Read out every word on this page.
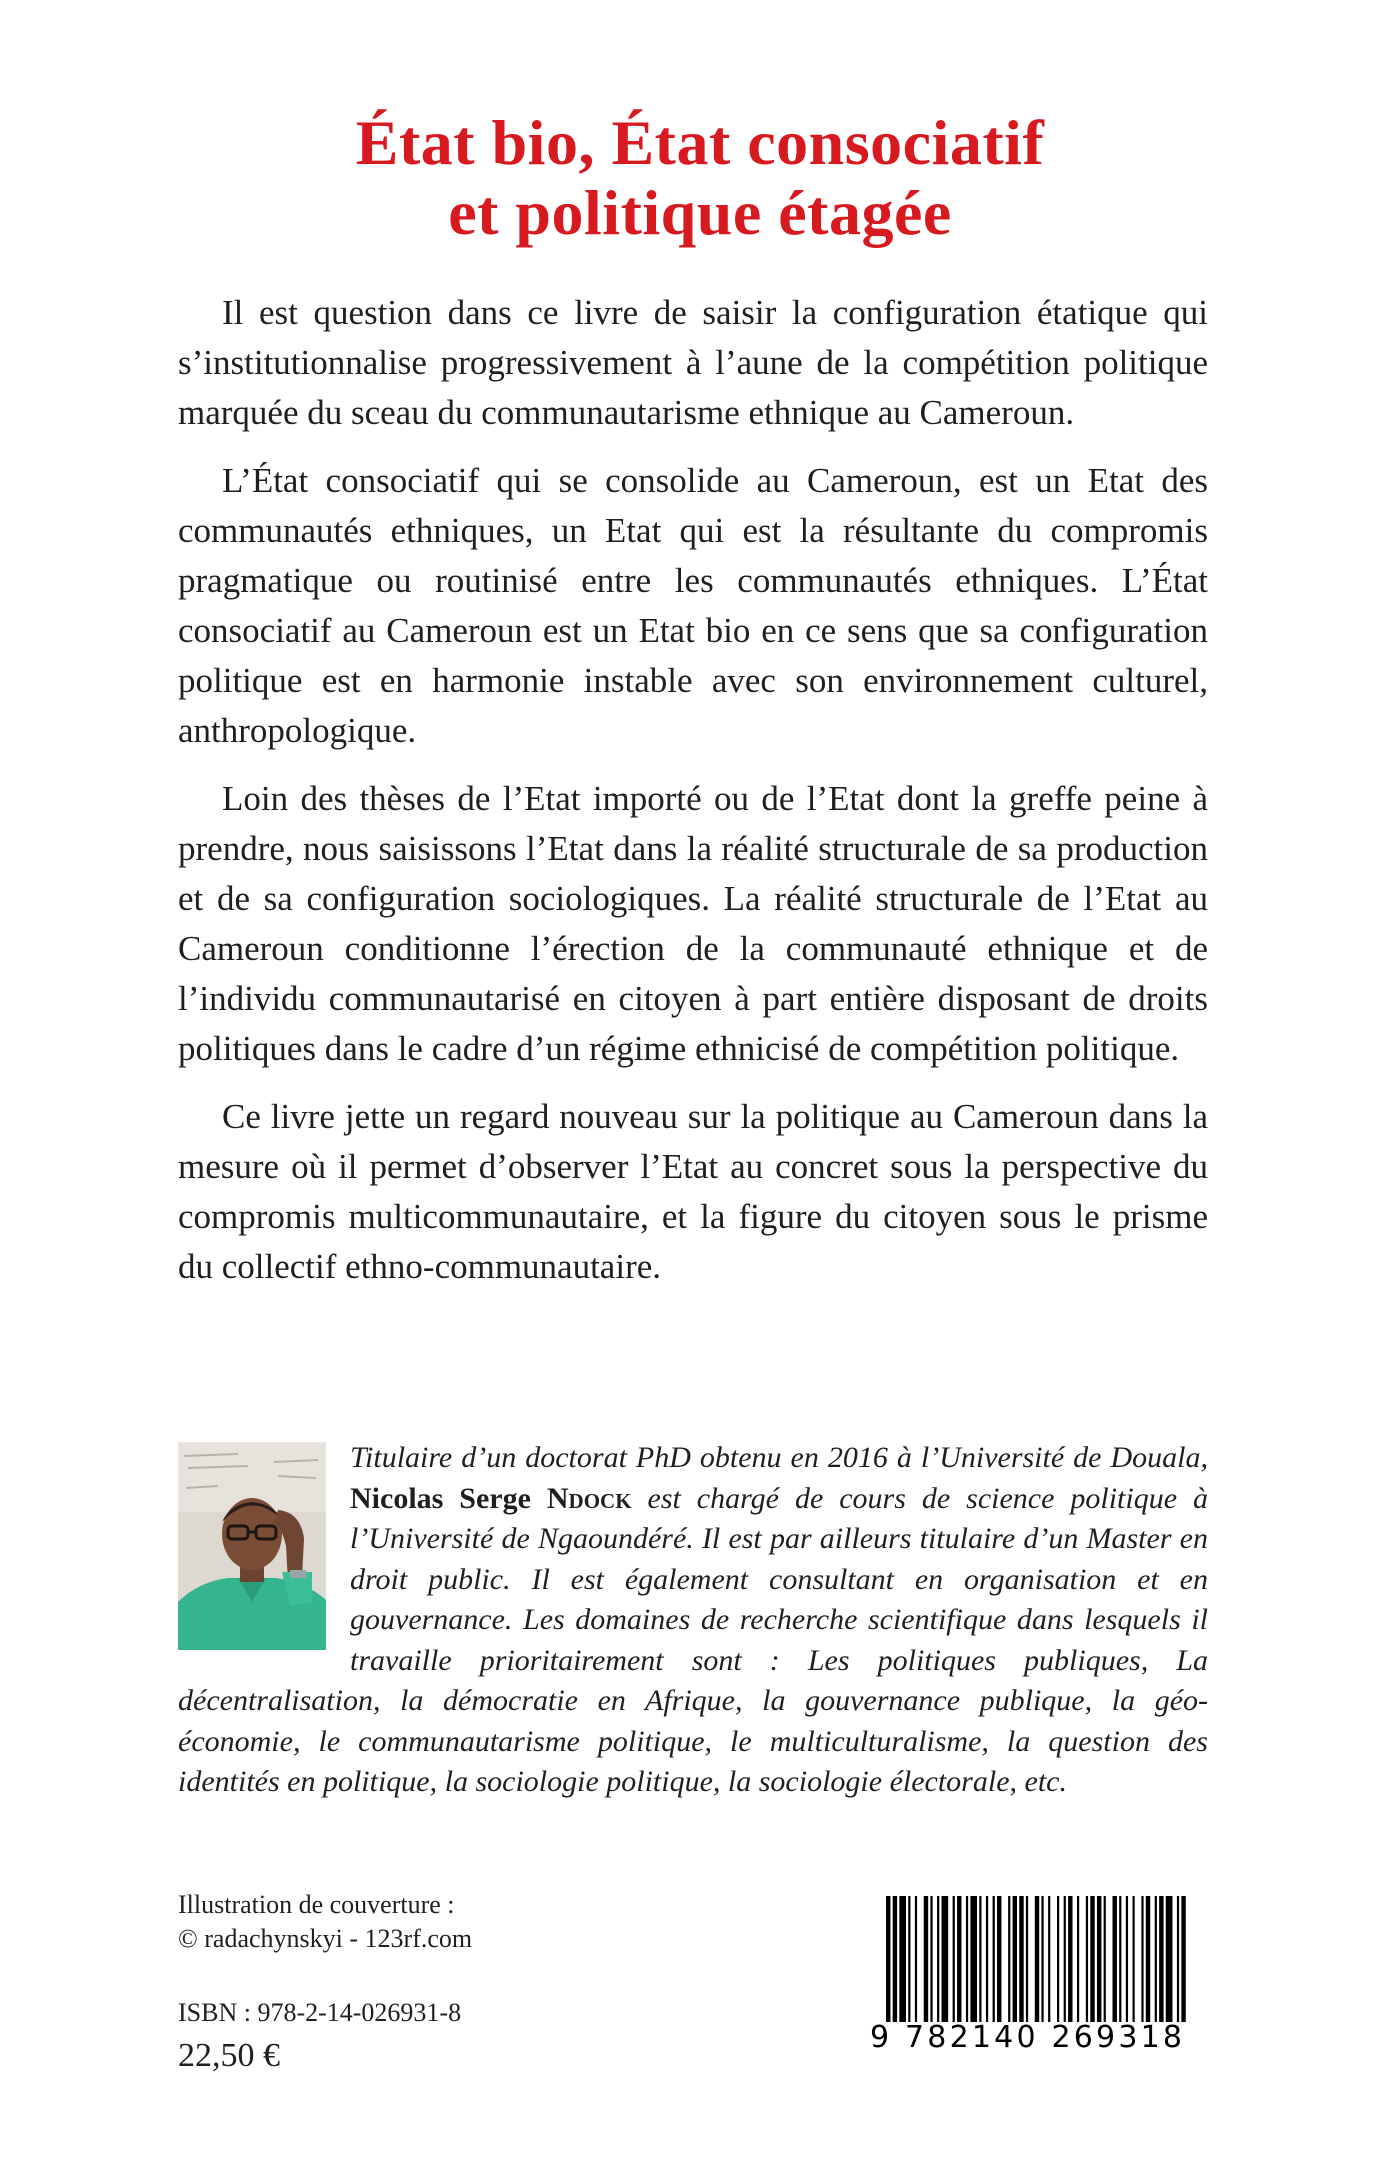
État bio, État consociatif
et politique étagée

Il est question dans ce livre de saisir la configuration étatique qui s’institutionnalise progressivement à l’aune de la compétition politique marquée du sceau du communautarisme ethnique au Cameroun.

L’État consociatif qui se consolide au Cameroun, est un Etat des communautés ethniques, un Etat qui est la résultante du compromis pragmatique ou routinisé entre les communautés ethniques. L’État consociatif au Cameroun est un Etat bio en ce sens que sa configuration politique est en harmonie instable avec son environnement culturel, anthropologique.

Loin des thèses de l’Etat importé ou de l’Etat dont la greffe peine à prendre, nous saisissons l’Etat dans la réalité structurale de sa production et de sa configuration sociologiques. La réalité structurale de l’Etat au Cameroun conditionne l’érection de la communauté ethnique et de l’individu communautarisé en citoyen à part entière disposant de droits politiques dans le cadre d’un régime ethnicisé de compétition politique.

Ce livre jette un regard nouveau sur la politique au Cameroun dans la mesure où il permet d’observer l’Etat au concret sous la perspective du compromis multicommunautaire, et la figure du citoyen sous le prisme du collectif ethno-communautaire.

Titulaire d’un doctorat PhD obtenu en 2016 à l’Université de Douala, Nicolas Serge Ndock est chargé de cours de science politique à l’Université de Ngaoundéré. Il est par ailleurs titulaire d’un Master en droit public. Il est également consultant en organisation et en gouvernance. Les domaines de recherche scientifique dans lesquels il travaille prioritairement sont : Les politiques publiques, La décentralisation, la démocratie en Afrique, la gouvernance publique, la géo-économie, le communautarisme politique, le multiculturalisme, la question des identités en politique, la sociologie politique, la sociologie électorale, etc.
Illustration de couverture :
© radachynskyi - 123rf.com
ISBN : 978-2-14-026931-8
22,50 €	9 782140 269318
